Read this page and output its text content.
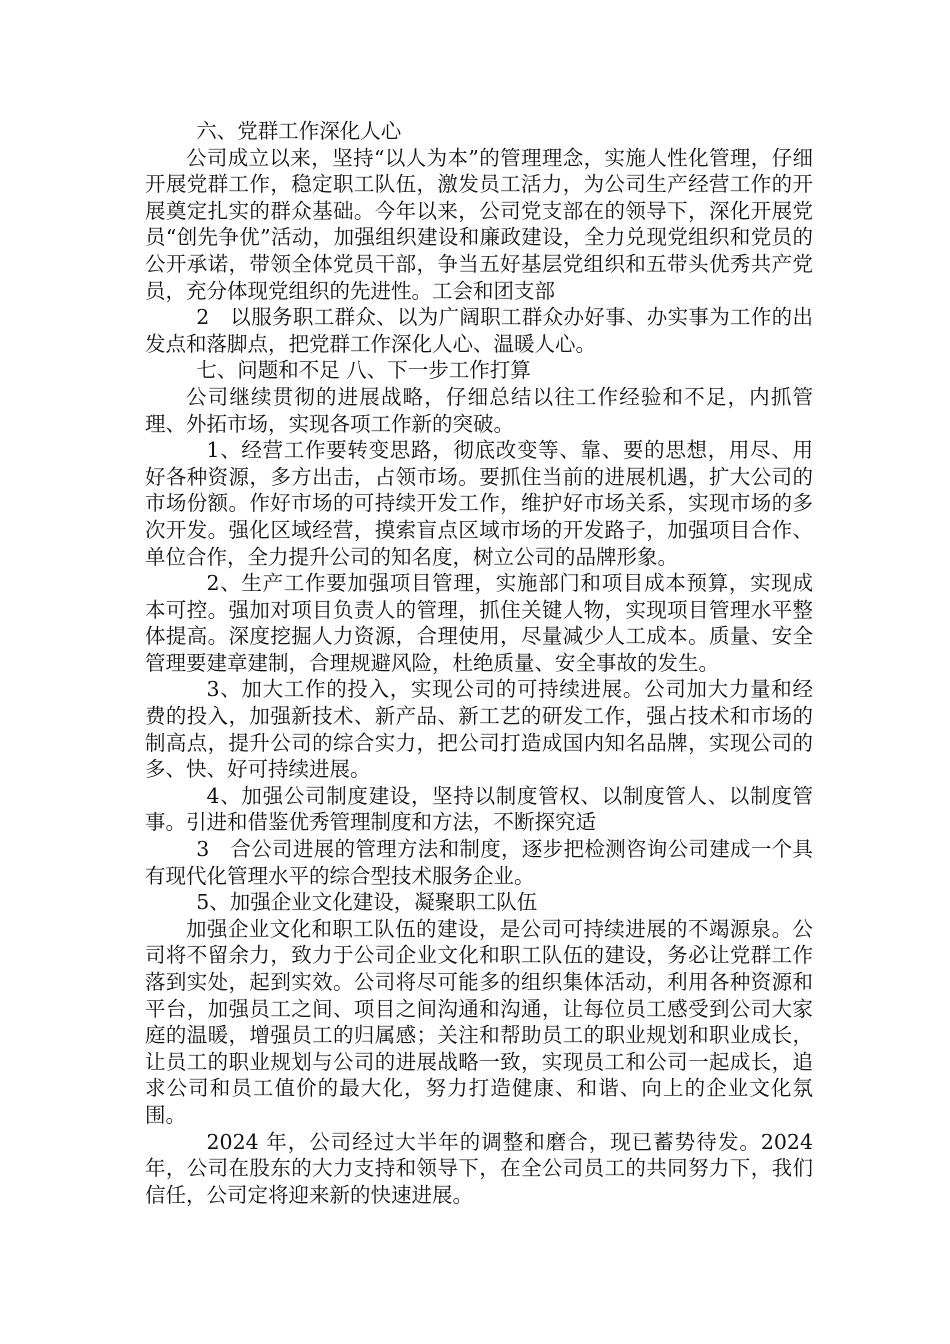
六、党群工作深化人心

公司成立以来，坚持“以人为本”的管理理念，实施人性化管理，仔细开展党群工作，稳定职工队伍，激发员工活力，为公司生产经营工作的开展奠定扎实的群众基础。今年以来，公司党支部在的领导下，深化开展党员“创先争优”活动，加强组织建设和廉政建设，全力兑现党组织和党员的公开承诺，带领全体党员干部，争当五好基层党组织和五带头优秀共产党员，充分体现党组织的先进性。工会和团支部

2　以服务职工群众、以为广阔职工群众办好事、办实事为工作的出发点和落脚点，把党群工作深化人心、温暖人心。

七、问题和不足 八、下一步工作打算

公司继续贯彻的进展战略，仔细总结以往工作经验和不足，内抓管理、外拓市场，实现各项工作新的突破。

1、经营工作要转变思路，彻底改变等、靠、要的思想，用尽、用好各种资源，多方出击，占领市场。要抓住当前的进展机遇，扩大公司的市场份额。作好市场的可持续开发工作，维护好市场关系，实现市场的多次开发。强化区域经营，摸索盲点区域市场的开发路子，加强项目合作、单位合作，全力提升公司的知名度，树立公司的品牌形象。

2、生产工作要加强项目管理，实施部门和项目成本预算，实现成本可控。强加对项目负责人的管理，抓住关键人物，实现项目管理水平整体提高。深度挖掘人力资源，合理使用，尽量减少人工成本。质量、安全管理要建章建制，合理规避风险，杜绝质量、安全事故的发生。

3、加大工作的投入，实现公司的可持续进展。公司加大力量和经费的投入，加强新技术、新产品、新工艺的研发工作，强占技术和市场的制高点，提升公司的综合实力，把公司打造成国内知名品牌，实现公司的多、快、好可持续进展。

4、加强公司制度建设，坚持以制度管权、以制度管人、以制度管事。引进和借鉴优秀管理制度和方法，不断探究适

3　合公司进展的管理方法和制度，逐步把检测咨询公司建成一个具有现代化管理水平的综合型技术服务企业。

5、加强企业文化建设，凝聚职工队伍

加强企业文化和职工队伍的建设，是公司可持续进展的不竭源泉。公司将不留余力，致力于公司企业文化和职工队伍的建设，务必让党群工作落到实处，起到实效。公司将尽可能多的组织集体活动，利用各种资源和平台，加强员工之间、项目之间沟通和沟通，让每位员工感受到公司大家庭的温暖，增强员工的归属感；关注和帮助员工的职业规划和职业成长，让员工的职业规划与公司的进展战略一致，实现员工和公司一起成长，追求公司和员工值价的最大化，努力打造健康、和谐、向上的企业文化氛围。

2024 年，公司经过大半年的调整和磨合，现已蓄势待发。2024 年，公司在股东的大力支持和领导下，在全公司员工的共同努力下，我们信任，公司定将迎来新的快速进展。
